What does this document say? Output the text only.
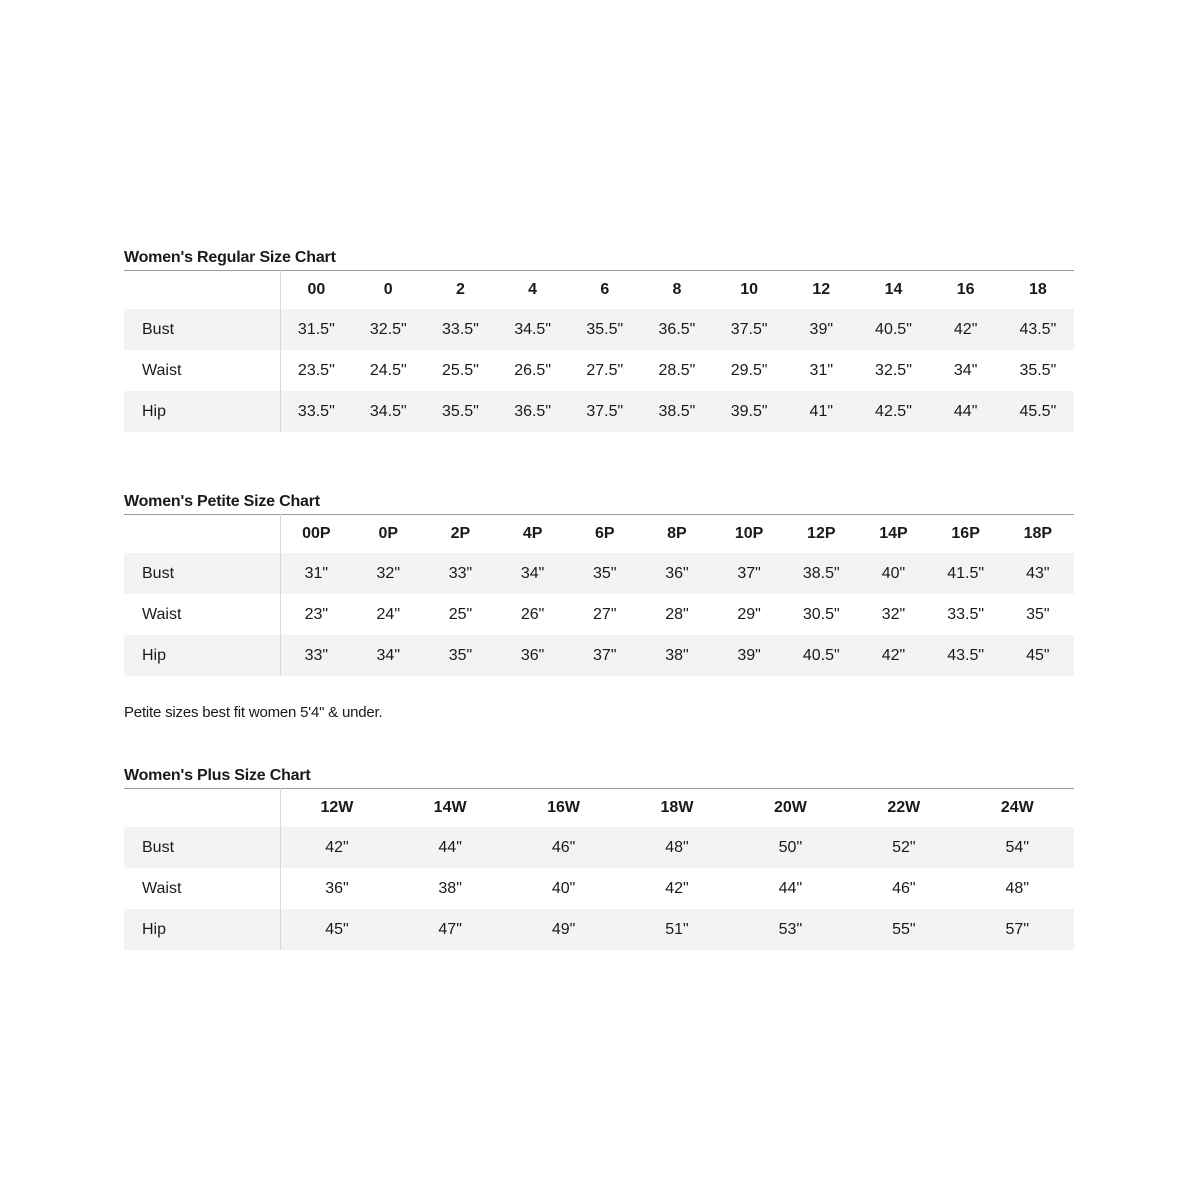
Women's Regular Size Chart
	00	0	2	4	6	8	10	12	14	16	18
Bust	31.5"	32.5"	33.5"	34.5"	35.5"	36.5"	37.5"	39"	40.5"	42"	43.5"
Waist	23.5"	24.5"	25.5"	26.5"	27.5"	28.5"	29.5"	31"	32.5"	34"	35.5"
Hip	33.5"	34.5"	35.5"	36.5"	37.5"	38.5"	39.5"	41"	42.5"	44"	45.5"
Women's Petite Size Chart
	00P	0P	2P	4P	6P	8P	10P	12P	14P	16P	18P
Bust	31"	32"	33"	34"	35"	36"	37"	38.5"	40"	41.5"	43"
Waist	23"	24"	25"	26"	27"	28"	29"	30.5"	32"	33.5"	35"
Hip	33"	34"	35"	36"	37"	38"	39"	40.5"	42"	43.5"	45"

Petite sizes best fit women 5'4" & under.

Women's Plus Size Chart
	12W	14W	16W	18W	20W	22W	24W
Bust	42"	44"	46"	48"	50"	52"	54"
Waist	36"	38"	40"	42"	44"	46"	48"
Hip	45"	47"	49"	51"	53"	55"	57"
